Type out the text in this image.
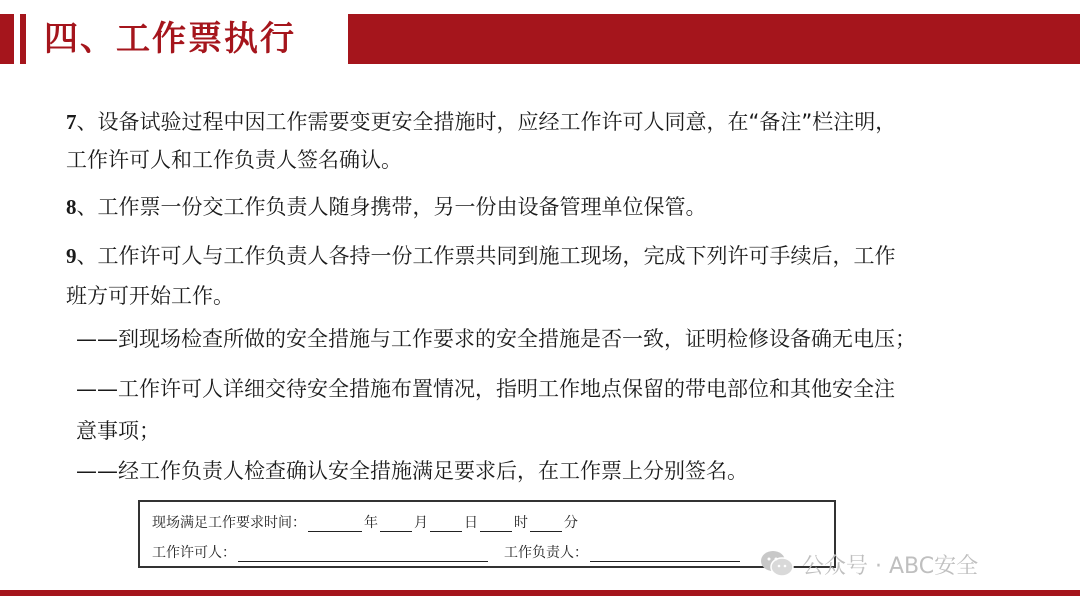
四、工作票执行
7、设备试验过程中因工作需要变更安全措施时，应经工作许可人同意，在“备注”栏注明，
工作许可人和工作负责人签名确认。
8、工作票一份交工作负责人随身携带，另一份由设备管理单位保管。
9、工作许可人与工作负责人各持一份工作票共同到施工现场，完成下列许可手续后，工作
班方可开始工作。
——到现场检查所做的安全措施与工作要求的安全措施是否一致，证明检修设备确无电压；
——工作许可人详细交待安全措施布置情况，指明工作地点保留的带电部位和其他安全注
意事项；
——经工作负责人检查确认安全措施满足要求后，在工作票上分别签名。
现场满足工作要求时间：	年	月	日	时	分
工作许可人：	工作负责人：
公众号 · ABC安全
